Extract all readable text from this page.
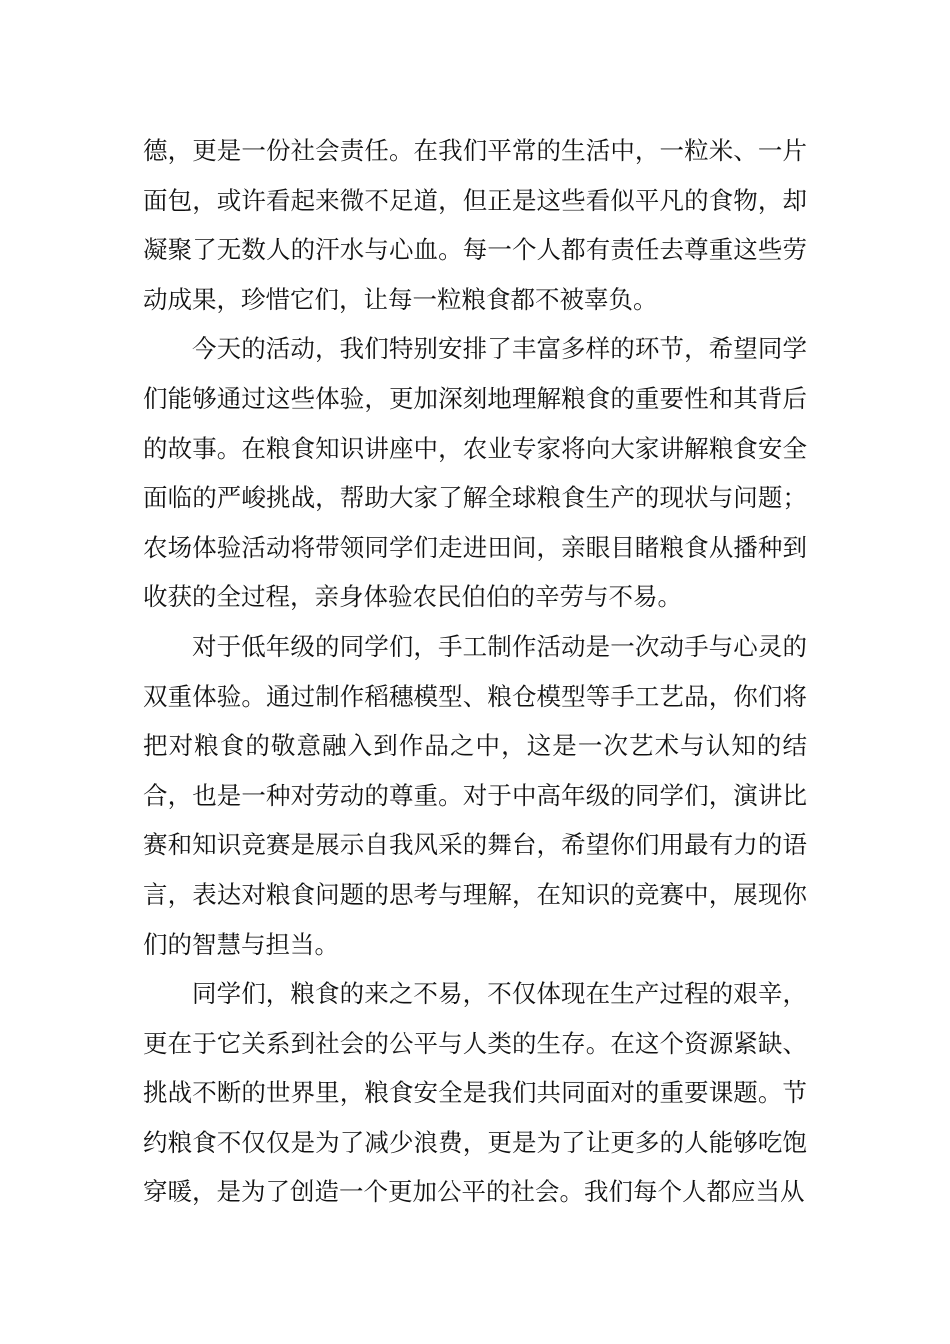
德，更是一份社会责任。在我们平常的生活中，一粒米、一片面包，或许看起来微不足道，但正是这些看似平凡的食物，却凝聚了无数人的汗水与心血。每一个人都有责任去尊重这些劳动成果，珍惜它们，让每一粒粮食都不被辜负。

今天的活动，我们特别安排了丰富多样的环节，希望同学们能够通过这些体验，更加深刻地理解粮食的重要性和其背后的故事。在粮食知识讲座中，农业专家将向大家讲解粮食安全面临的严峻挑战，帮助大家了解全球粮食生产的现状与问题；农场体验活动将带领同学们走进田间，亲眼目睹粮食从播种到收获的全过程，亲身体验农民伯伯的辛劳与不易。

对于低年级的同学们，手工制作活动是一次动手与心灵的双重体验。通过制作稻穗模型、粮仓模型等手工艺品，你们将把对粮食的敬意融入到作品之中，这是一次艺术与认知的结合，也是一种对劳动的尊重。对于中高年级的同学们，演讲比赛和知识竞赛是展示自我风采的舞台，希望你们用最有力的语言，表达对粮食问题的思考与理解，在知识的竞赛中，展现你们的智慧与担当。

同学们，粮食的来之不易，不仅体现在生产过程的艰辛，更在于它关系到社会的公平与人类的生存。在这个资源紧缺、挑战不断的世界里，粮食安全是我们共同面对的重要课题。节约粮食不仅仅是为了减少浪费，更是为了让更多的人能够吃饱穿暖，是为了创造一个更加公平的社会。我们每个人都应当从
